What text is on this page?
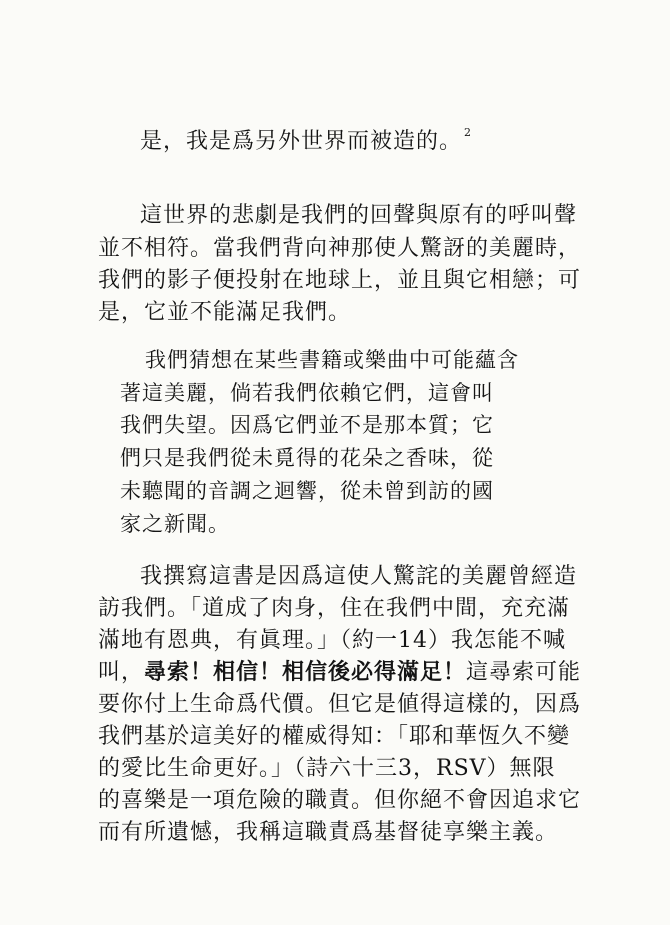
是，我是爲另外世界而被造的。 $^2$
這世界的悲劇是我們的回聲與原有的呼叫聲
並不相符。當我們背向神那使人驚訝的美麗時，
我們的影子便投射在地球上，並且與它相戀；可
是，它並不能滿足我們。
我們猜想在某些書籍或樂曲中可能蘊含
著這美麗，倘若我們依賴它們，這會叫
我們失望。因爲它們並不是那本質；它
們只是我們從未覓得的花朵之香味，從
未聽聞的音調之迴響，從未曾到訪的國
家之新聞。
我撰寫這書是因爲這使人驚詫的美麗曾經造
訪我們。「道成了肉身，住在我們中間，充充滿
滿地有恩典，有眞理。」（約一14）我怎能不喊
叫，尋索！相信！相信後必得滿足！這尋索可能
要你付上生命爲代價。但它是値得這樣的，因爲
我們基於這美好的權威得知：「耶和華恆久不變
的愛比生命更好。」（詩六十三3，RSV）無限
的喜樂是一項危險的職責。但你絕不會因追求它
而有所遺憾，我稱這職責爲基督徒享樂主義。
